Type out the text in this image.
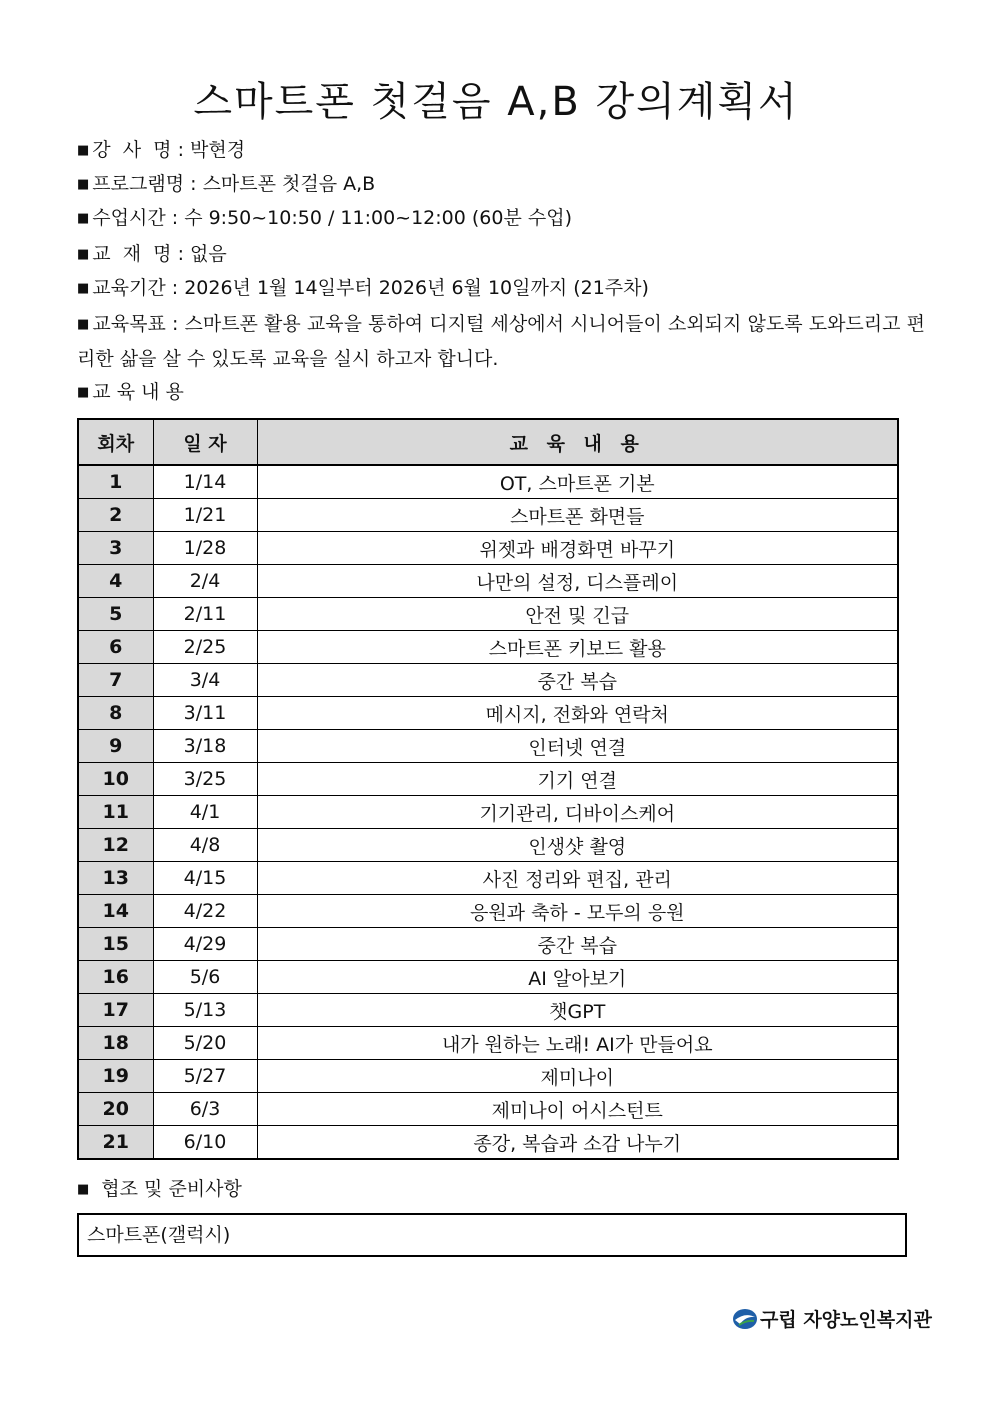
스마트폰 첫걸음 A,B 강의계획서
■ 강  사  명 : 박현경
■ 프로그램명 : 스마트폰 첫걸음 A,B
■ 수업시간 : 수 9:50~10:50 / 11:00~12:00 (60분 수업)
■ 교  재  명 : 없음
■ 교육기간 : 2026년 1월 14일부터 2026년 6월 10일까지 (21주차)
■ 교육목표 : 스마트폰 활용 교육을 통하여 디지털 세상에서 시니어들이 소외되지 않도록 도와드리고 편리한 삶을 살 수 있도록 교육을 실시 하고자 합니다.
■ 교 육 내 용
회차	일 자	교 육 내 용
1	1/14	OT, 스마트폰 기본
2	1/21	스마트폰 화면들
3	1/28	위젯과 배경화면 바꾸기
4	2/4	나만의 설정, 디스플레이
5	2/11	안전 및 긴급
6	2/25	스마트폰 키보드 활용
7	3/4	중간 복습
8	3/11	메시지, 전화와 연락처
9	3/18	인터넷 연결
10	3/25	기기 연결
11	4/1	기기관리, 디바이스케어
12	4/8	인생샷 촬영
13	4/15	사진 정리와 편집, 관리
14	4/22	응원과 축하 - 모두의 응원
15	4/29	중간 복습
16	5/6	AI 알아보기
17	5/13	챗GPT
18	5/20	내가 원하는 노래! AI가 만들어요
19	5/27	제미나이
20	6/3	제미나이 어시스턴트
21	6/10	종강, 복습과 소감 나누기
■ 협조 및 준비사항
스마트폰(갤럭시)
구립 자양노인복지관
